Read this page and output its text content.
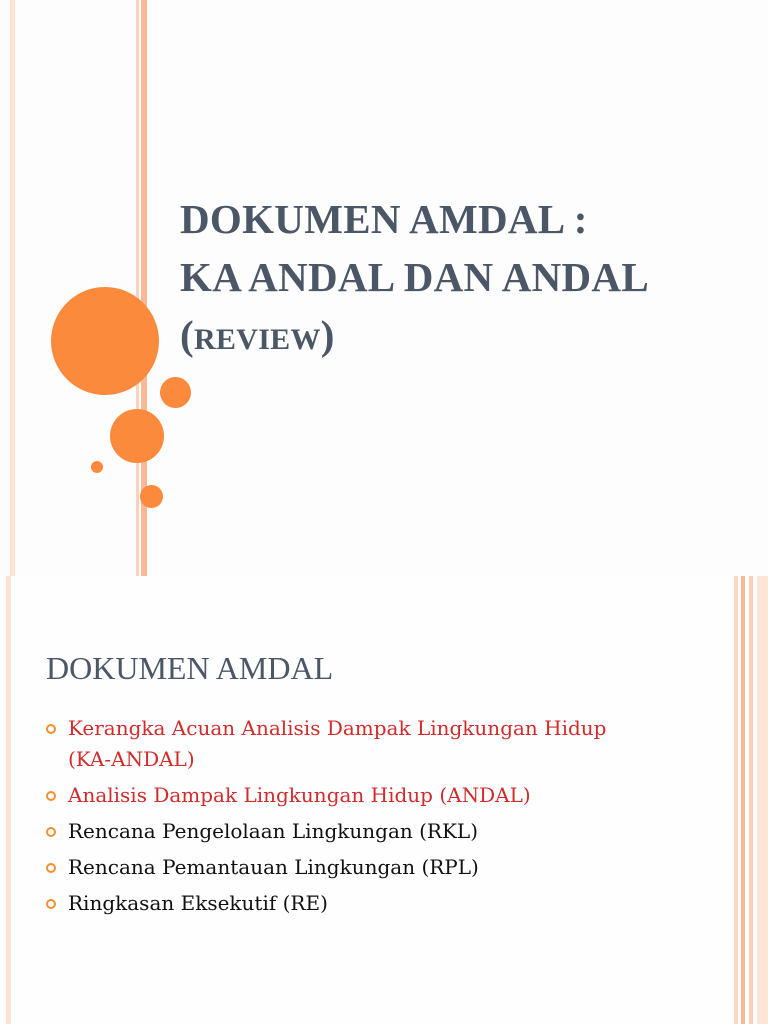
DOKUMEN AMDAL :
KA ANDAL DAN ANDAL
(REVIEW)
DOKUMEN AMDAL
Kerangka Acuan Analisis Dampak Lingkungan Hidup (KA-ANDAL)
Analisis Dampak Lingkungan Hidup (ANDAL)
Rencana Pengelolaan Lingkungan (RKL)
Rencana Pemantauan Lingkungan (RPL)
Ringkasan Eksekutif (RE)
